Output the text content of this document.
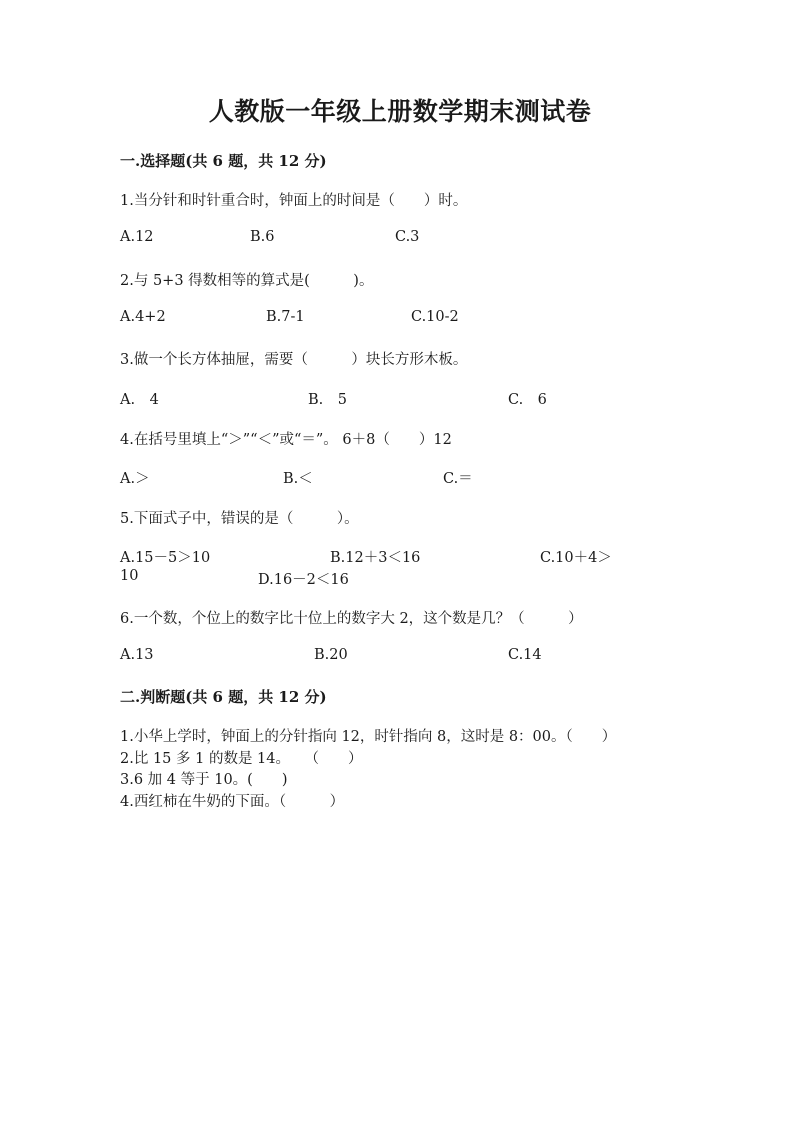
人教版一年级上册数学期末测试卷
一.选择题(共 6 题，共 12 分)
1.当分针和时针重合时，钟面上的时间是（　　）时。
A.12	B.6	C.3
2.与 5+3 得数相等的算式是(　　　)。
A.4+2	B.7-1	C.10-2
3.做一个长方体抽屉，需要（　　　）块长方形木板。
A.　4	B.　5	C.　6
4.在括号里填上“＞”“＜”或“＝”。 6＋8（　　）12
A.＞	B.＜	C.＝
5.下面式子中，错误的是（　　　）。
A.15－5＞10	B.12＋3＜16	C.10＋4＞
10	D.16－2＜16
6.一个数，个位上的数字比十位上的数字大 2，这个数是几？（　　　）
A.13	B.20	C.14
二.判断题(共 6 题，共 12 分)
1.小华上学时，钟面上的分针指向 12，时针指向 8，这时是 8：00。（　　）
2.比 15 多 1 的数是 14。　　（　　）
3.6 加 4 等于 10。(　　)
4.西红柿在牛奶的下面。（　　　）
